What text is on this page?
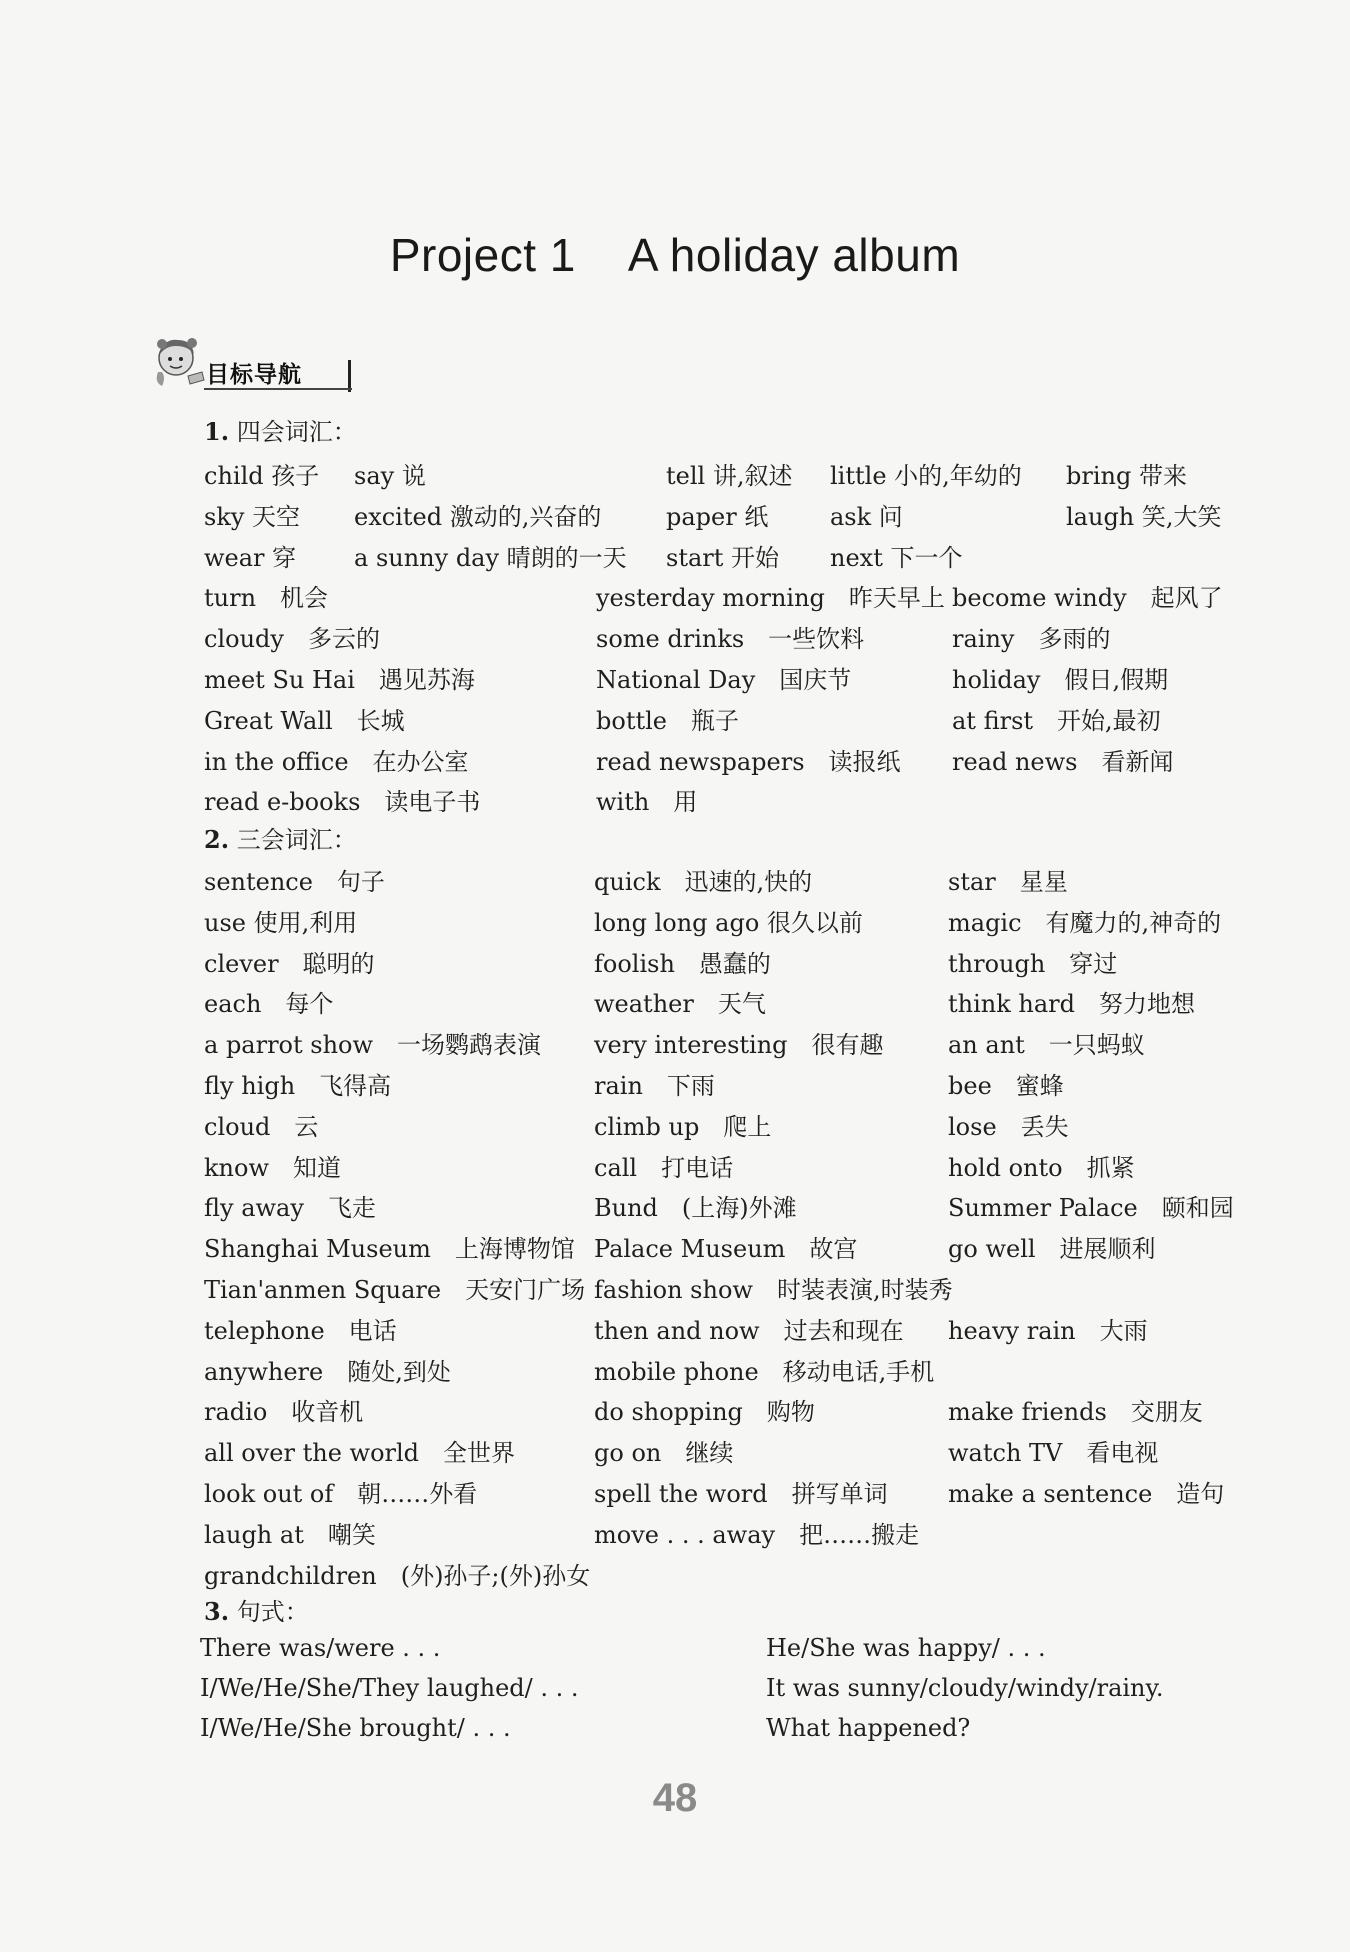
Project 1 A holiday album
目标导航
1. 四会词汇：
child 孩子 say 说	tell 讲,叙述 little 小的,年幼的 bring 带来
sky 天空 excited 激动的,兴奋的	paper 纸	ask 问	laugh 笑,大笑
wear 穿 a sunny day 晴朗的一天 start 开始 next 下一个
turn　机会	yesterday morning　昨天早上 become windy　起风了
cloudy　多云的	some drinks　一些饮料	rainy　多雨的
meet Su Hai　遇见苏海	National Day　国庆节	holiday　假日,假期
Great Wall　长城	bottle　瓶子	at first　开始,最初
in the office　在办公室	read newspapers　读报纸 read news　看新闻
read e-books　读电子书	with　用
2. 三会词汇：
sentence　句子	quick　迅速的,快的	star　星星
use 使用,利用	long long ago 很久以前	magic　有魔力的,神奇的
clever　聪明的	foolish　愚蠢的	through　穿过
each　每个	weather　天气	think hard　努力地想
a parrot show　一场鹦鹉表演 very interesting　很有趣	an ant　一只蚂蚁
fly high　飞得高	rain　下雨	bee　蜜蜂
cloud　云	climb up　爬上	lose　丢失
know　知道	call　打电话	hold onto　抓紧
fly away　飞走	Bund　(上海)外滩	Summer Palace　颐和园
Shanghai Museum　上海博物馆 Palace Museum　故宫	go well　进展顺利
Tian'anmen Square　天安门广场 fashion show　时装表演,时装秀
telephone　电话	then and now　过去和现在 heavy rain　大雨
anywhere　随处,到处	mobile phone　移动电话,手机
radio　收音机	do shopping　购物	make friends　交朋友
all over the world　全世界	go on　继续	watch TV　看电视
look out of　朝……外看	spell the word　拼写单词	make a sentence　造句
laugh at　嘲笑	move . . . away　把……搬走
grandchildren　(外)孙子;(外)孙女
3. 句式：
There was/were . . .	He/She was happy/ . . .
I/We/He/She/They laughed/ . . .	It was sunny/cloudy/windy/rainy.
I/We/He/She brought/ . . .	What happened?
48
